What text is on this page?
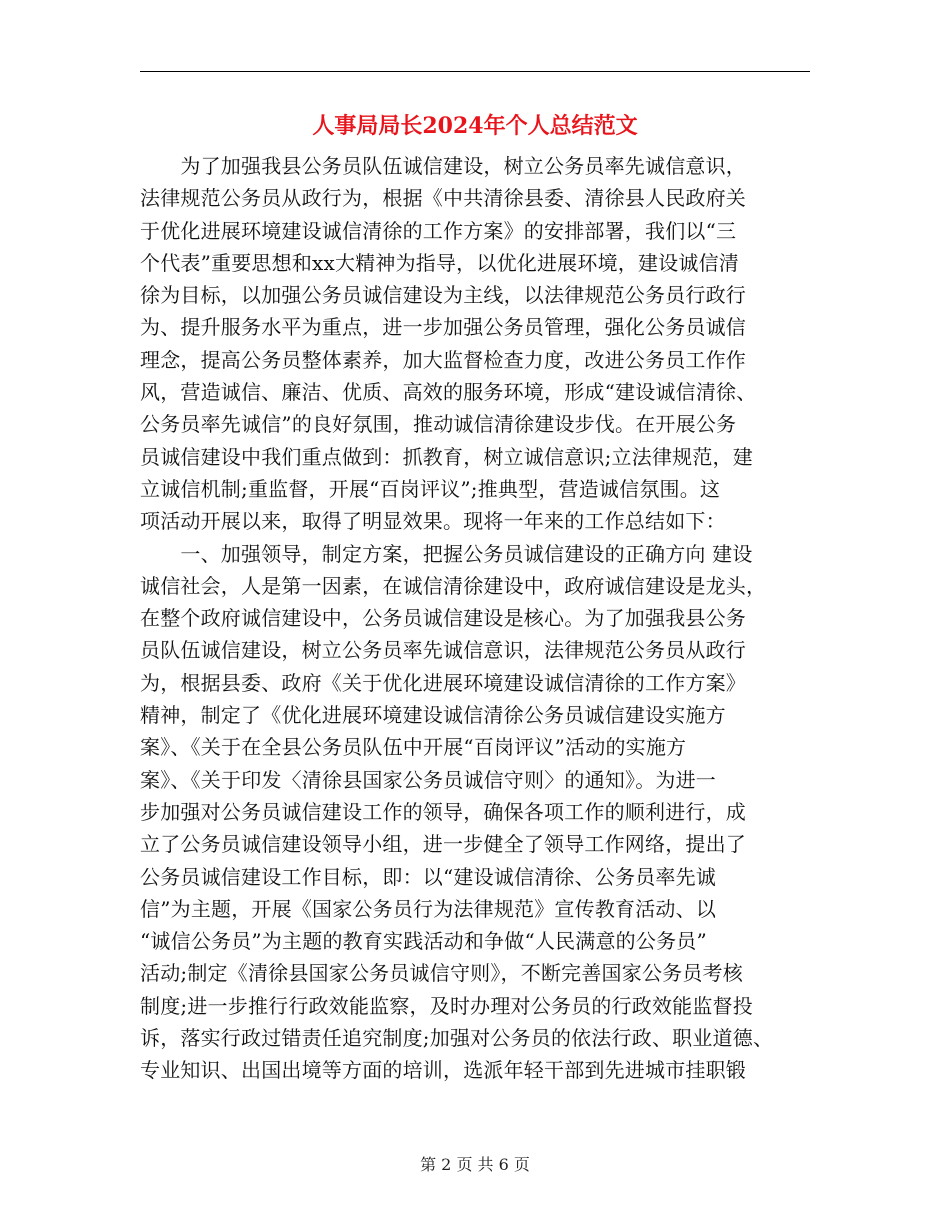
人事局局长2024年个人总结范文
　　为了加强我县公务员队伍诚信建设，树立公务员率先诚信意识，
法律规范公务员从政行为，根据《中共清徐县委、清徐县人民政府关
于优化进展环境建设诚信清徐的工作方案》的安排部署，我们以“三
个代表”重要思想和xx大精神为指导，以优化进展环境，建设诚信清
徐为目标，以加强公务员诚信建设为主线，以法律规范公务员行政行
为、提升服务水平为重点，进一步加强公务员管理，强化公务员诚信
理念，提高公务员整体素养，加大监督检查力度，改进公务员工作作
风，营造诚信、廉洁、优质、高效的服务环境，形成“建设诚信清徐、
公务员率先诚信”的良好氛围，推动诚信清徐建设步伐。在开展公务
员诚信建设中我们重点做到：抓教育，树立诚信意识;立法律规范，建
立诚信机制;重监督，开展“百岗评议”;推典型，营造诚信氛围。这
项活动开展以来，取得了明显效果。现将一年来的工作总结如下：
　　一、加强领导，制定方案，把握公务员诚信建设的正确方向 建设
诚信社会，人是第一因素，在诚信清徐建设中，政府诚信建设是龙头，
在整个政府诚信建设中，公务员诚信建设是核心。为了加强我县公务
员队伍诚信建设，树立公务员率先诚信意识，法律规范公务员从政行
为，根据县委、政府《关于优化进展环境建设诚信清徐的工作方案》
精神，制定了《优化进展环境建设诚信清徐公务员诚信建设实施方
案》、《关于在全县公务员队伍中开展“百岗评议”活动的实施方
案》、《关于印发〈清徐县国家公务员诚信守则〉的通知》。为进一
步加强对公务员诚信建设工作的领导，确保各项工作的顺利进行，成
立了公务员诚信建设领导小组，进一步健全了领导工作网络，提出了
公务员诚信建设工作目标，即：以“建设诚信清徐、公务员率先诚
信”为主题，开展《国家公务员行为法律规范》宣传教育活动、以
“诚信公务员”为主题的教育实践活动和争做“人民满意的公务员”
活动;制定《清徐县国家公务员诚信守则》，不断完善国家公务员考核
制度;进一步推行行政效能监察，及时办理对公务员的行政效能监督投
诉，落实行政过错责任追究制度;加强对公务员的依法行政、职业道德、
专业知识、出国出境等方面的培训，选派年轻干部到先进城市挂职锻
第 2 页 共 6 页
